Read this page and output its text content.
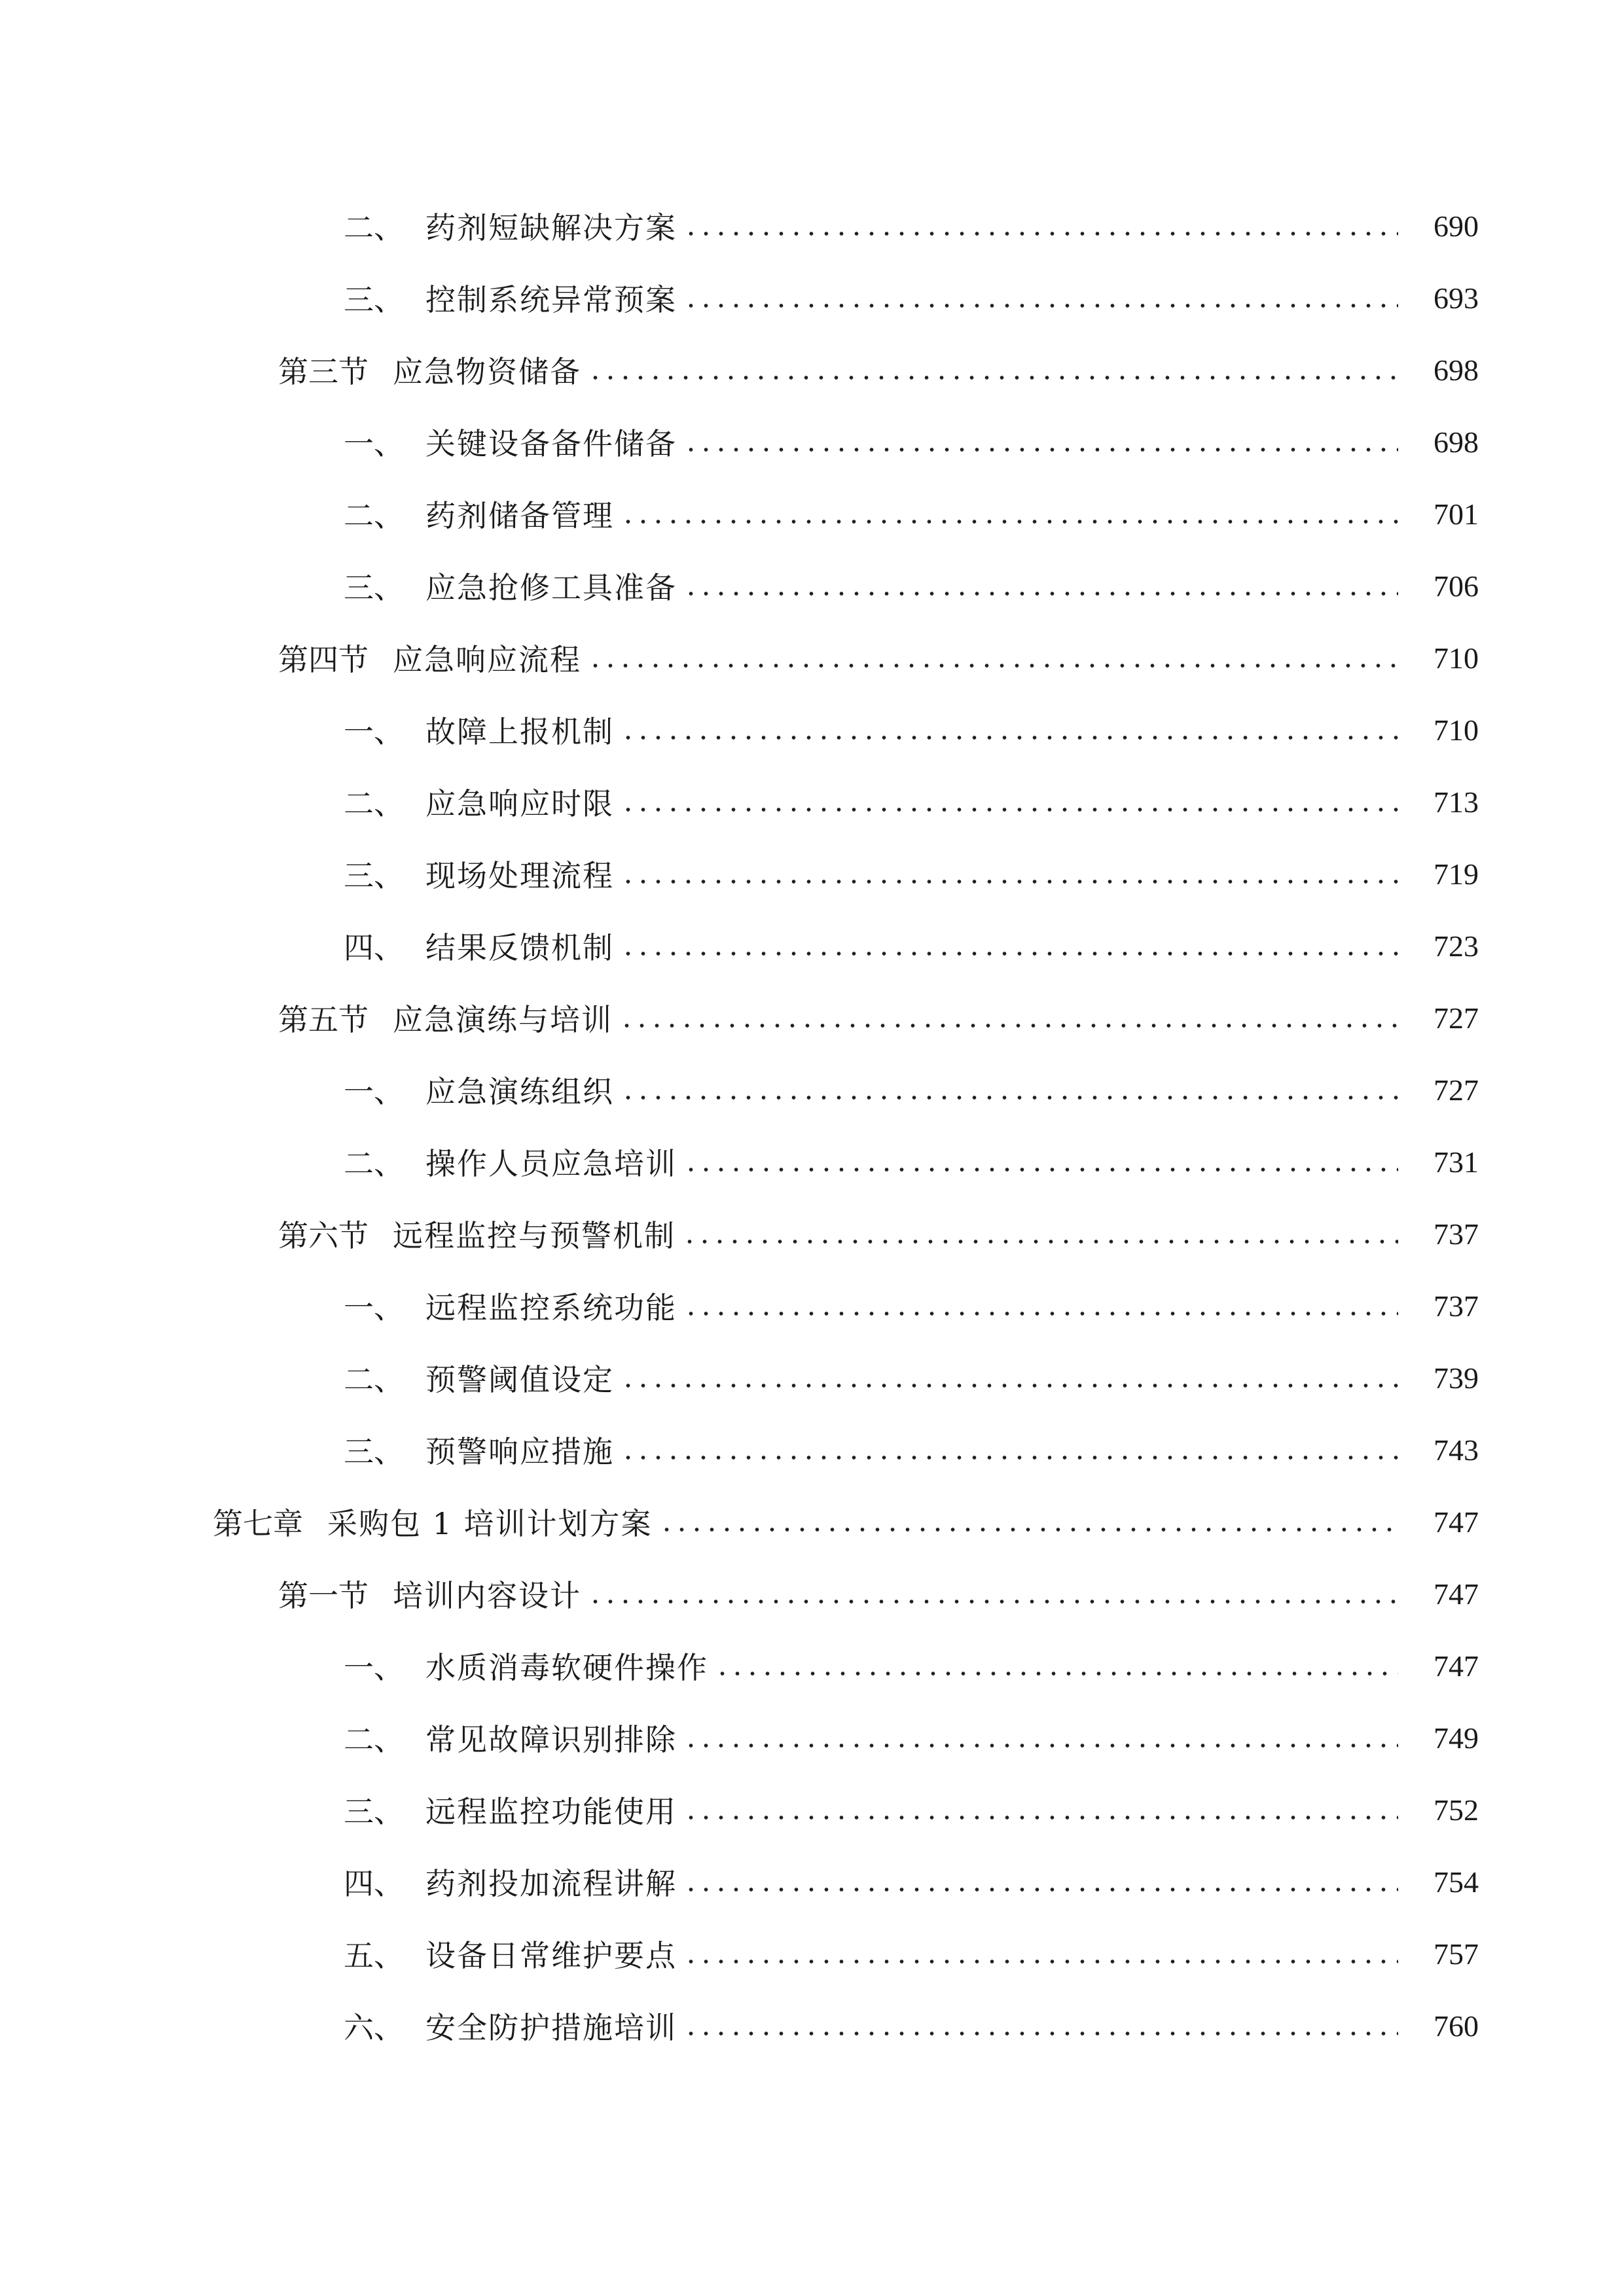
二、 药剂短缺解决方案	690
三、 控制系统异常预案	693
第三节 应急物资储备	698
一、 关键设备备件储备	698
二、 药剂储备管理	701
三、 应急抢修工具准备	706
第四节 应急响应流程	710
一、 故障上报机制	710
二、 应急响应时限	713
三、 现场处理流程	719
四、 结果反馈机制	723
第五节 应急演练与培训	727
一、 应急演练组织	727
二、 操作人员应急培训	731
第六节 远程监控与预警机制	737
一、 远程监控系统功能	737
二、 预警阈值设定	739
三、 预警响应措施	743
第七章 采购包 1 培训计划方案	747
第一节 培训内容设计	747
一、 水质消毒软硬件操作	747
二、 常见故障识别排除	749
三、 远程监控功能使用	752
四、 药剂投加流程讲解	754
五、 设备日常维护要点	757
六、 安全防护措施培训	760
